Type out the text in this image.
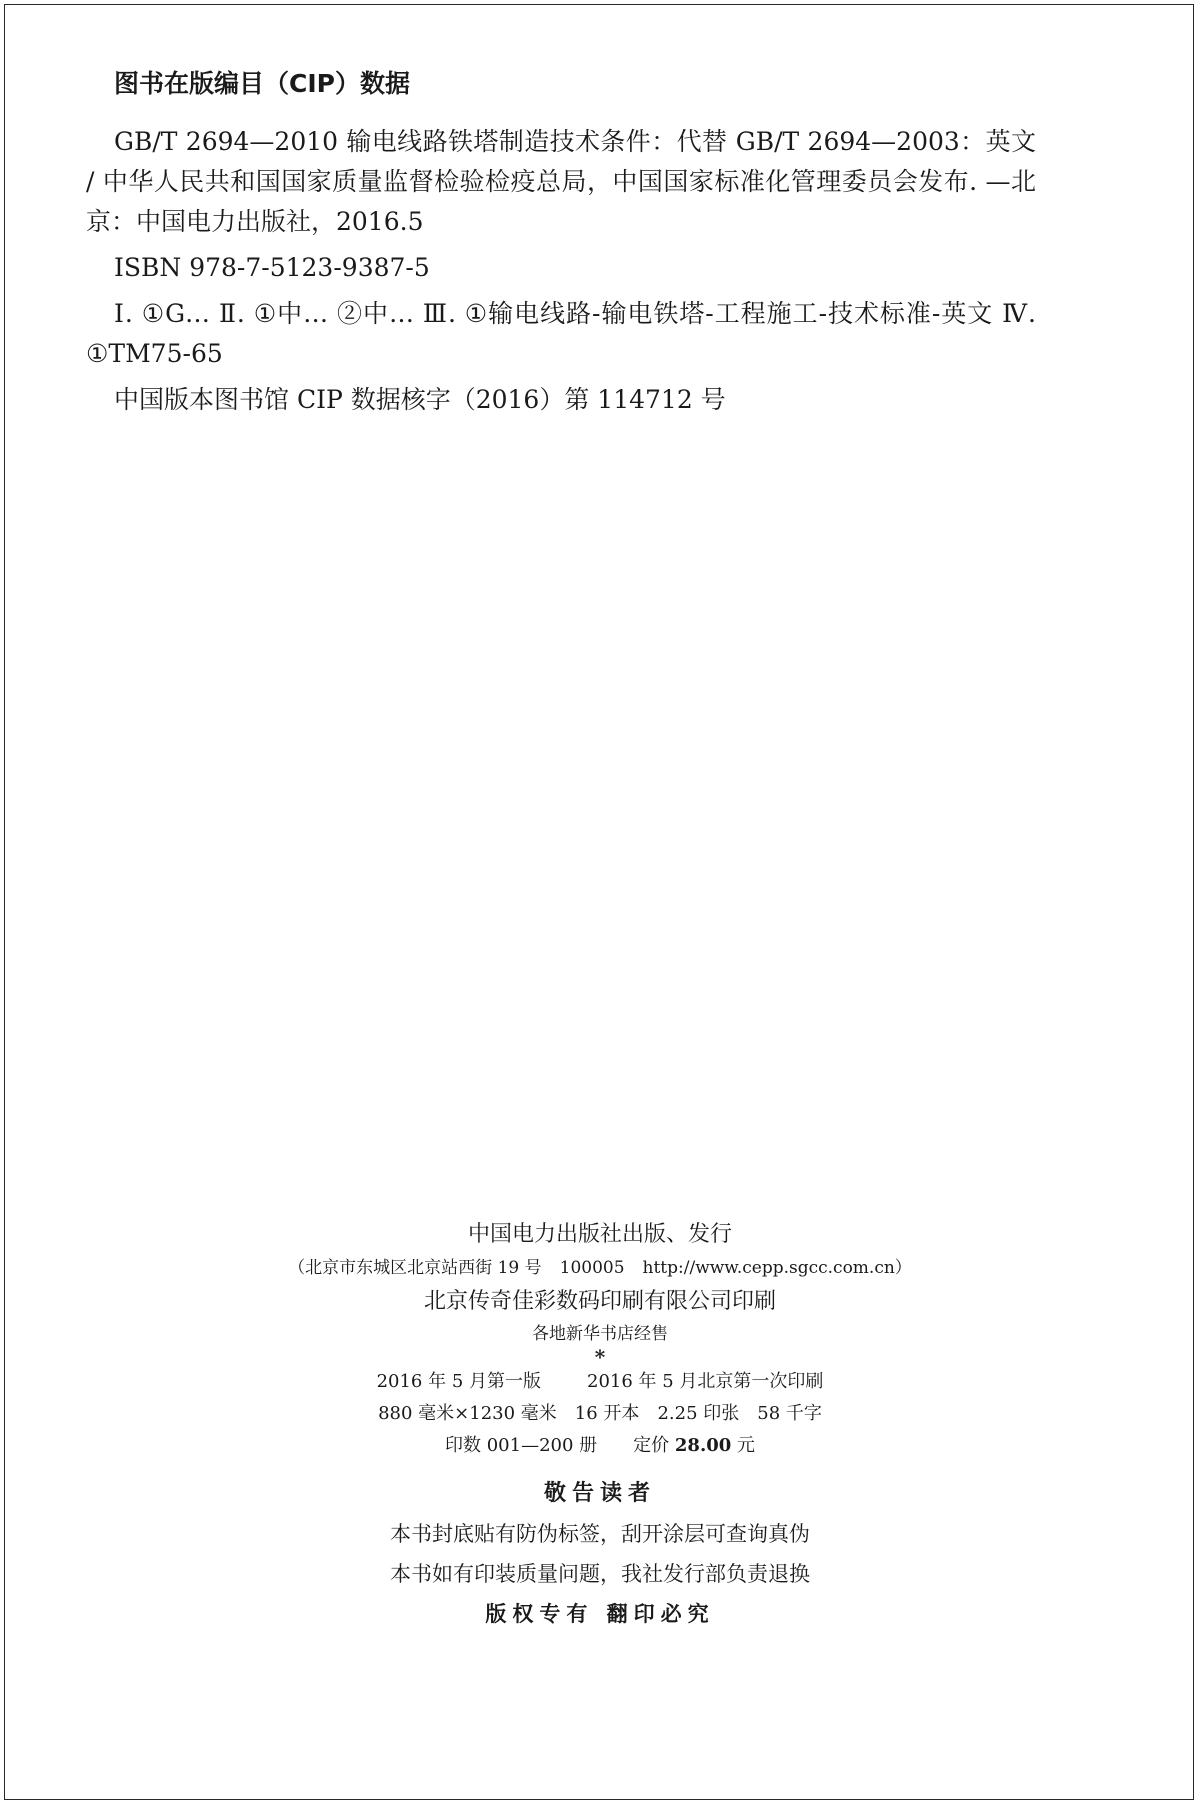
图书在版编目（CIP）数据

GB/T 2694—2010 输电线路铁塔制造技术条件：代替 GB/T 2694—2003：英文 / 中华人民共和国国家质量监督检验检疫总局，中国国家标准化管理委员会发布. —北京：中国电力出版社，2016.5

ISBN 978-7-5123-9387-5

Ⅰ. ①G… Ⅱ. ①中… ②中… Ⅲ. ①输电线路-输电铁塔-工程施工-技术标准-英文 Ⅳ. ①TM75-65

中国版本图书馆 CIP 数据核字（2016）第 114712 号

中国电力出版社出版、发行

（北京市东城区北京站西街 19 号 100005 http://www.cepp.sgcc.com.cn）

北京传奇佳彩数码印刷有限公司印刷

各地新华书店经售

*

2016 年 5 月第一版	2016 年 5 月北京第一次印刷

880 毫米×1230 毫米 16 开本 2.25 印张 58 千字

印数 001—200 册 定价 28.00 元

敬告读者

本书封底贴有防伪标签，刮开涂层可查询真伪

本书如有印装质量问题，我社发行部负责退换

版权专有 翻印必究
